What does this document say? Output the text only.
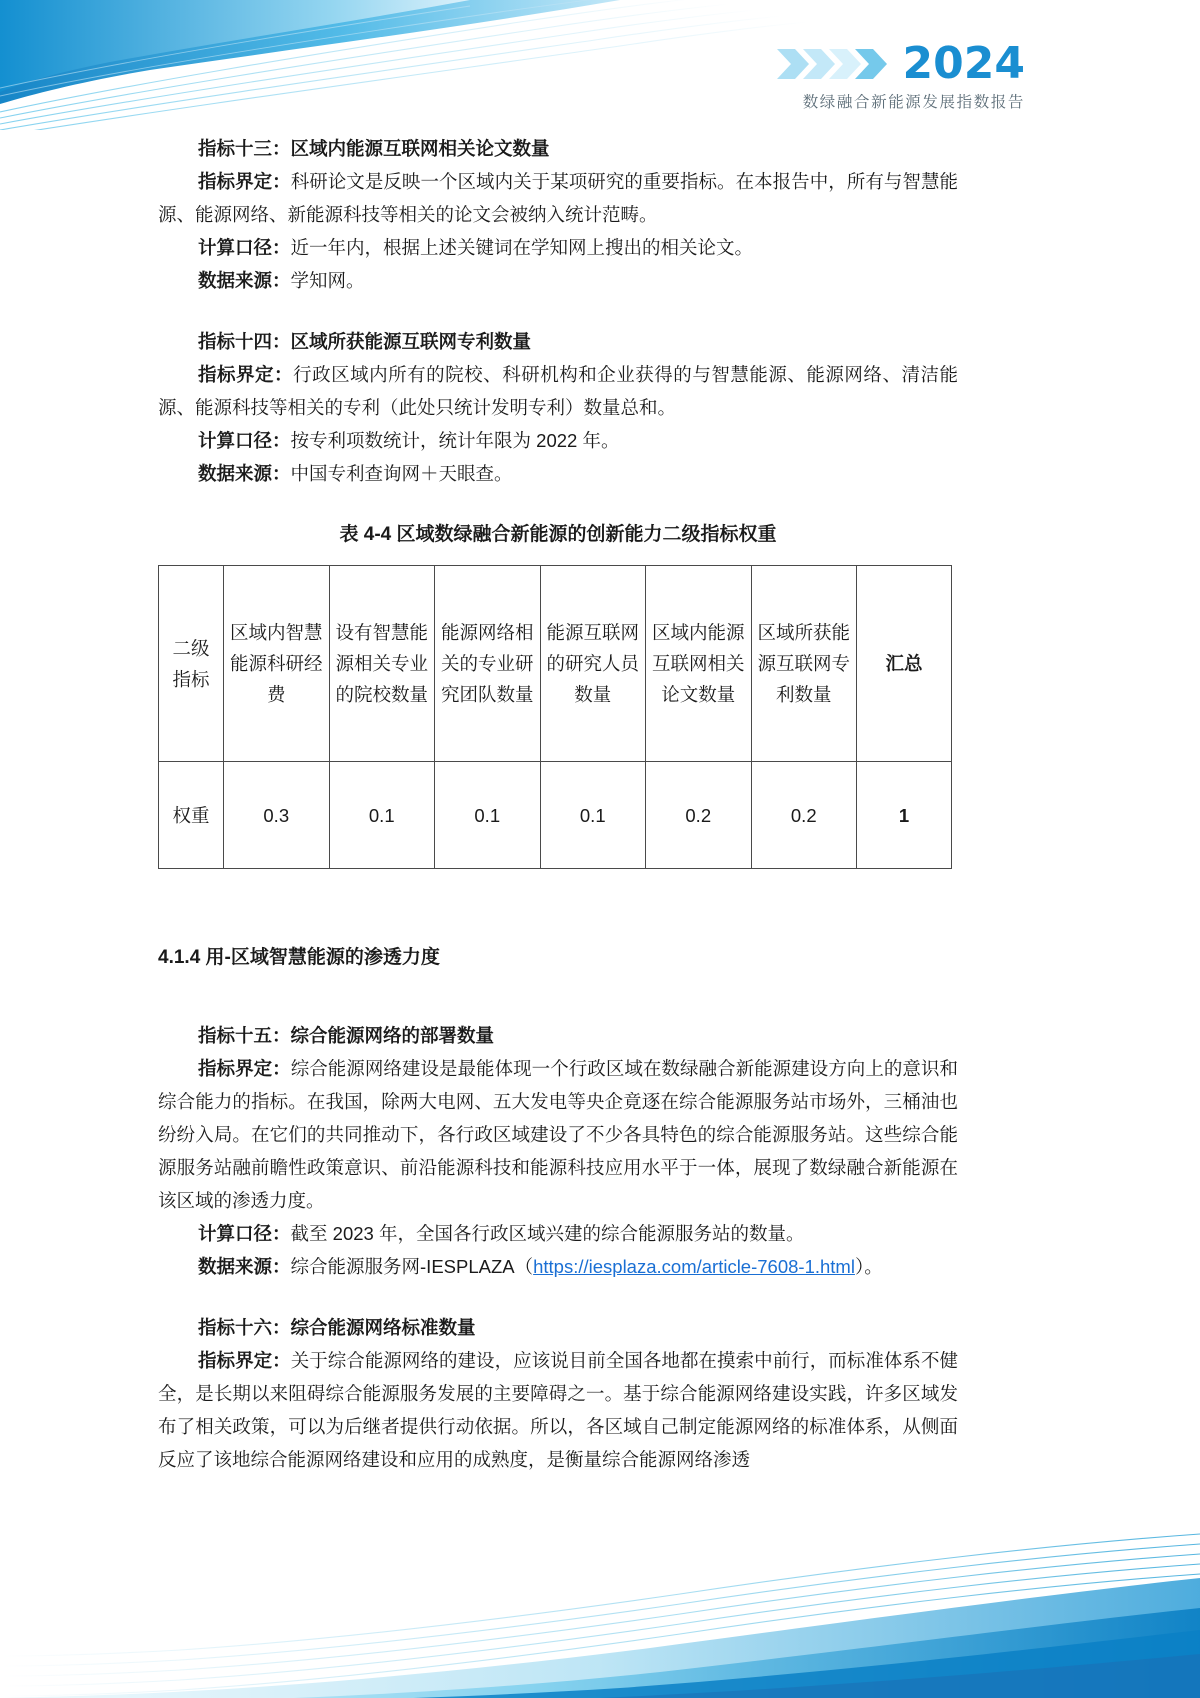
2024
数绿融合新能源发展指数报告

指标十三：区域内能源互联网相关论文数量

指标界定：科研论文是反映一个区域内关于某项研究的重要指标。在本报告中，所有与智慧能源、能源网络、新能源科技等相关的论文会被纳入统计范畴。

计算口径：近一年内，根据上述关键词在学知网上搜出的相关论文。

数据来源：学知网。

指标十四：区域所获能源互联网专利数量

指标界定：行政区域内所有的院校、科研机构和企业获得的与智慧能源、能源网络、清洁能源、能源科技等相关的专利（此处只统计发明专利）数量总和。

计算口径：按专利项数统计，统计年限为 2022 年。

数据来源：中国专利查询网＋天眼查。

表 4-4 区域数绿融合新能源的创新能力二级指标权重

二级指标	区域内智慧能源科研经费	设有智慧能源相关专业的院校数量	能源网络相关的专业研究团队数量	能源互联网的研究人员数量	区域内能源互联网相关论文数量	区域所获能源互联网专利数量	汇总
权重	0.3	0.1	0.1	0.1	0.2	0.2	1

4.1.4 用-区域智慧能源的渗透力度

指标十五：综合能源网络的部署数量

指标界定：综合能源网络建设是最能体现一个行政区域在数绿融合新能源建设方向上的意识和综合能力的指标。在我国，除两大电网、五大发电等央企竟逐在综合能源服务站市场外，三桶油也纷纷入局。在它们的共同推动下，各行政区域建设了不少各具特色的综合能源服务站。这些综合能源服务站融前瞻性政策意识、前沿能源科技和能源科技应用水平于一体，展现了数绿融合新能源在该区域的渗透力度。

计算口径：截至 2023 年，全国各行政区域兴建的综合能源服务站的数量。

数据来源：综合能源服务网-IESPLAZA（https://iesplaza.com/article-7608-1.html）。

指标十六：综合能源网络标准数量

指标界定：关于综合能源网络的建设，应该说目前全国各地都在摸索中前行，而标准体系不健全，是长期以来阻碍综合能源服务发展的主要障碍之一。基于综合能源网络建设实践，许多区域发布了相关政策，可以为后继者提供行动依据。所以，各区域自己制定能源网络的标准体系，从侧面反应了该地综合能源网络建设和应用的成熟度，是衡量综合能源网络渗透
